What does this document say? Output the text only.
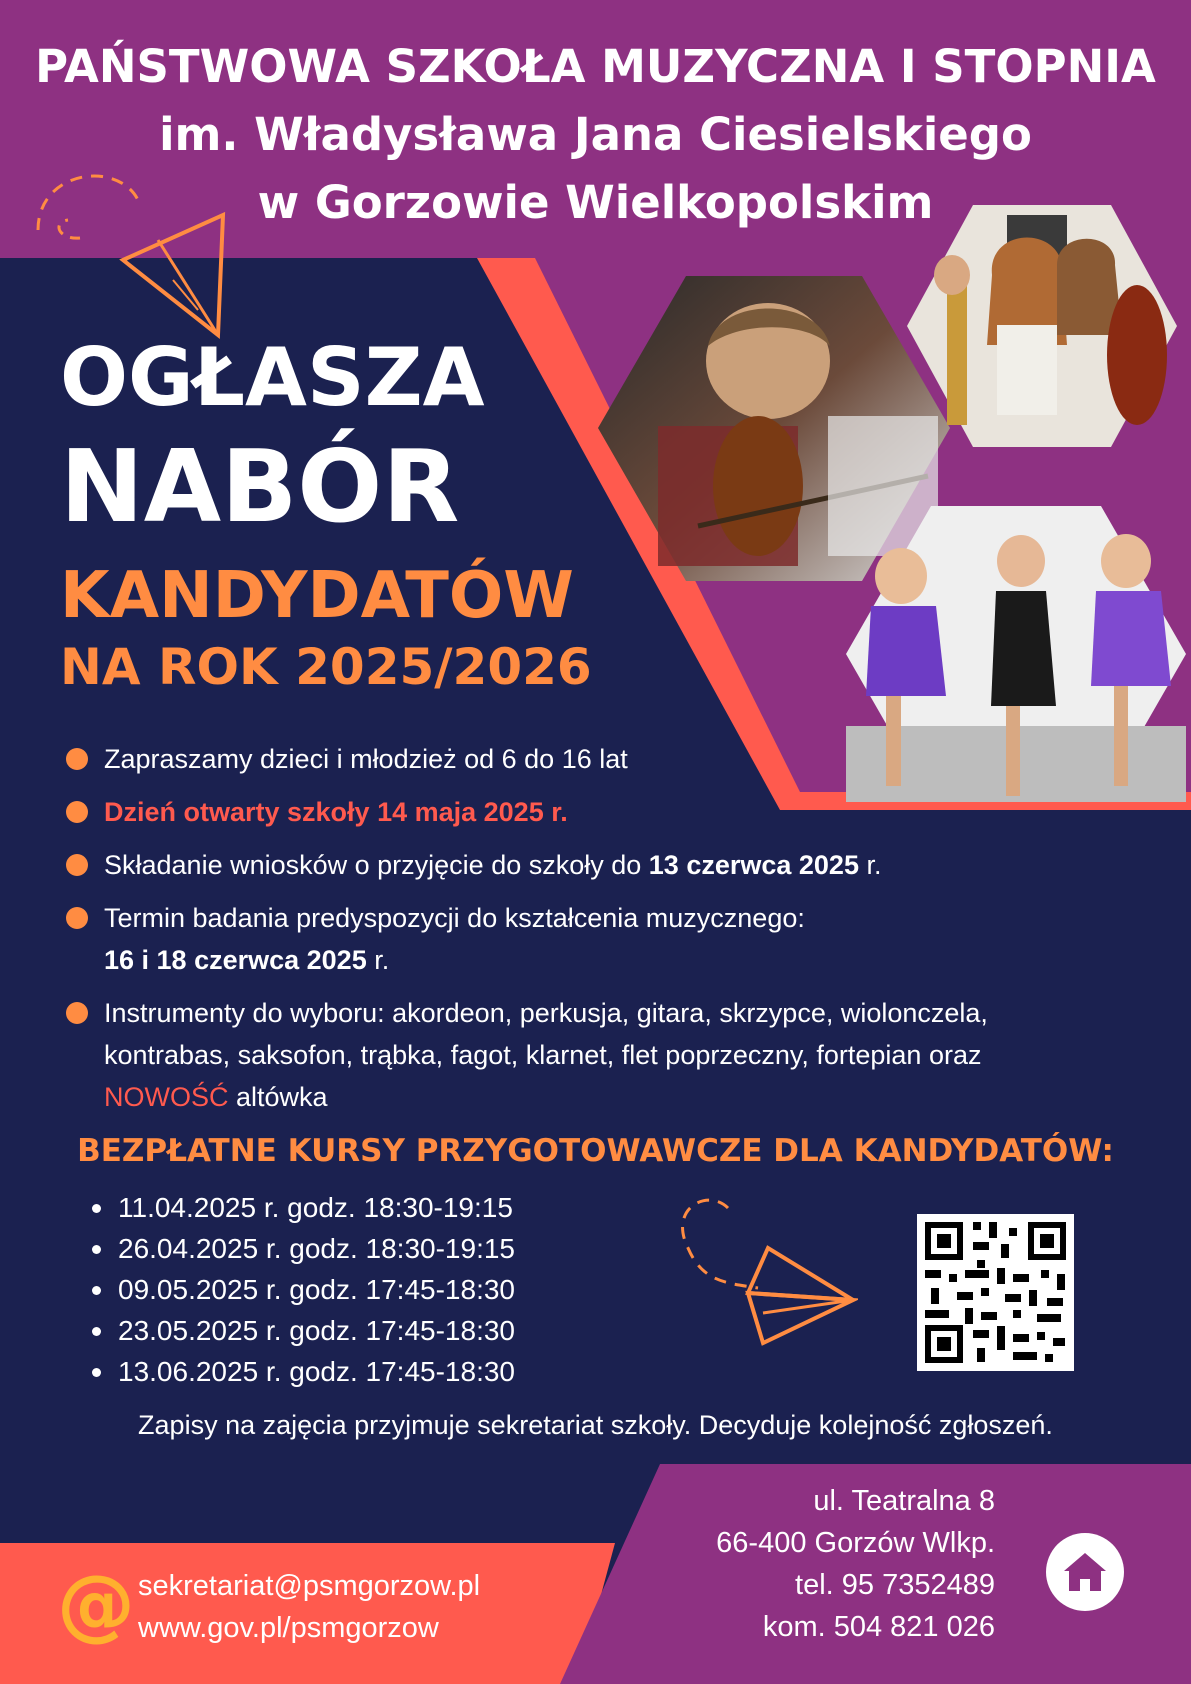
PAŃSTWOWA SZKOŁA MUZYCZNA I STOPNIA
im. Władysława Jana Ciesielskiego
w Gorzowie Wielkopolskim
OGŁASZA
NABÓR
KANDYDATÓW
NA ROK 2025/2026
Zapraszamy dzieci i młodzież od 6 do 16 lat
Dzień otwarty szkoły 14 maja 2025 r.
Składanie wniosków o przyjęcie do szkoły do 13 czerwca 2025 r.
Termin badania predyspozycji do kształcenia muzycznego:
16 i 18 czerwca 2025 r.
Instrumenty do wyboru: akordeon, perkusja, gitara, skrzypce, wiolonczela,
kontrabas, saksofon, trąbka, fagot, klarnet, flet poprzeczny, fortepian oraz
NOWOŚĆ altówka
BEZPŁATNE KURSY PRZYGOTOWAWCZE DLA KANDYDATÓW:
11.04.2025 r. godz. 18:30-19:15
26.04.2025 r. godz. 18:30-19:15
09.05.2025 r. godz. 17:45-18:30
23.05.2025 r. godz. 17:45-18:30
13.06.2025 r. godz. 17:45-18:30
Zapisy na zajęcia przyjmuje sekretariat szkoły. Decyduje kolejność zgłoszeń.
@ sekretariat@psmgorzow.pl
www.gov.pl/psmgorzow
ul. Teatralna 8
66-400 Gorzów Wlkp.
tel. 95 7352489
kom. 504 821 026
